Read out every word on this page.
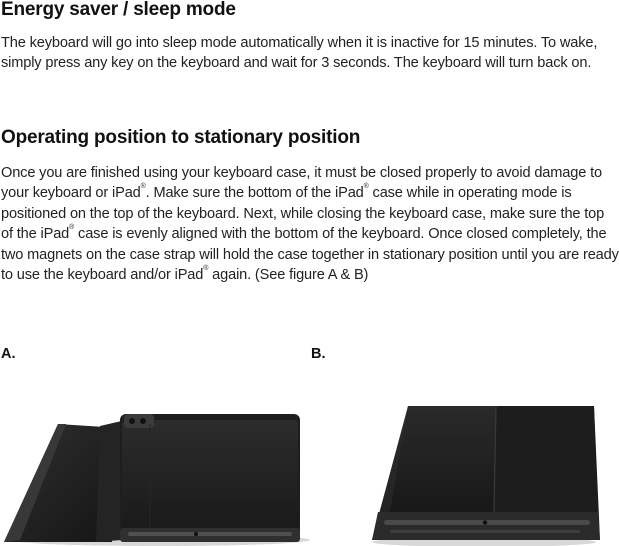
Energy saver / sleep mode

The keyboard will go into sleep mode automatically when it is inactive for 15 minutes. To wake, simply press any key on the keyboard and wait for 3 seconds. The keyboard will turn back on.

Operating position to stationary position

Once you are finished using your keyboard case, it must be closed properly to avoid damage to your keyboard or iPad®. Make sure the bottom of the iPad® case while in operating mode is positioned on the top of the keyboard. Next, while closing the keyboard case, make sure the top of the iPad® case is evenly aligned with the bottom of the keyboard. Once closed completely, the two magnets on the case strap will hold the case together in stationary position until you are ready to use the keyboard and/or iPad® again. (See figure A & B)

A.	B.
